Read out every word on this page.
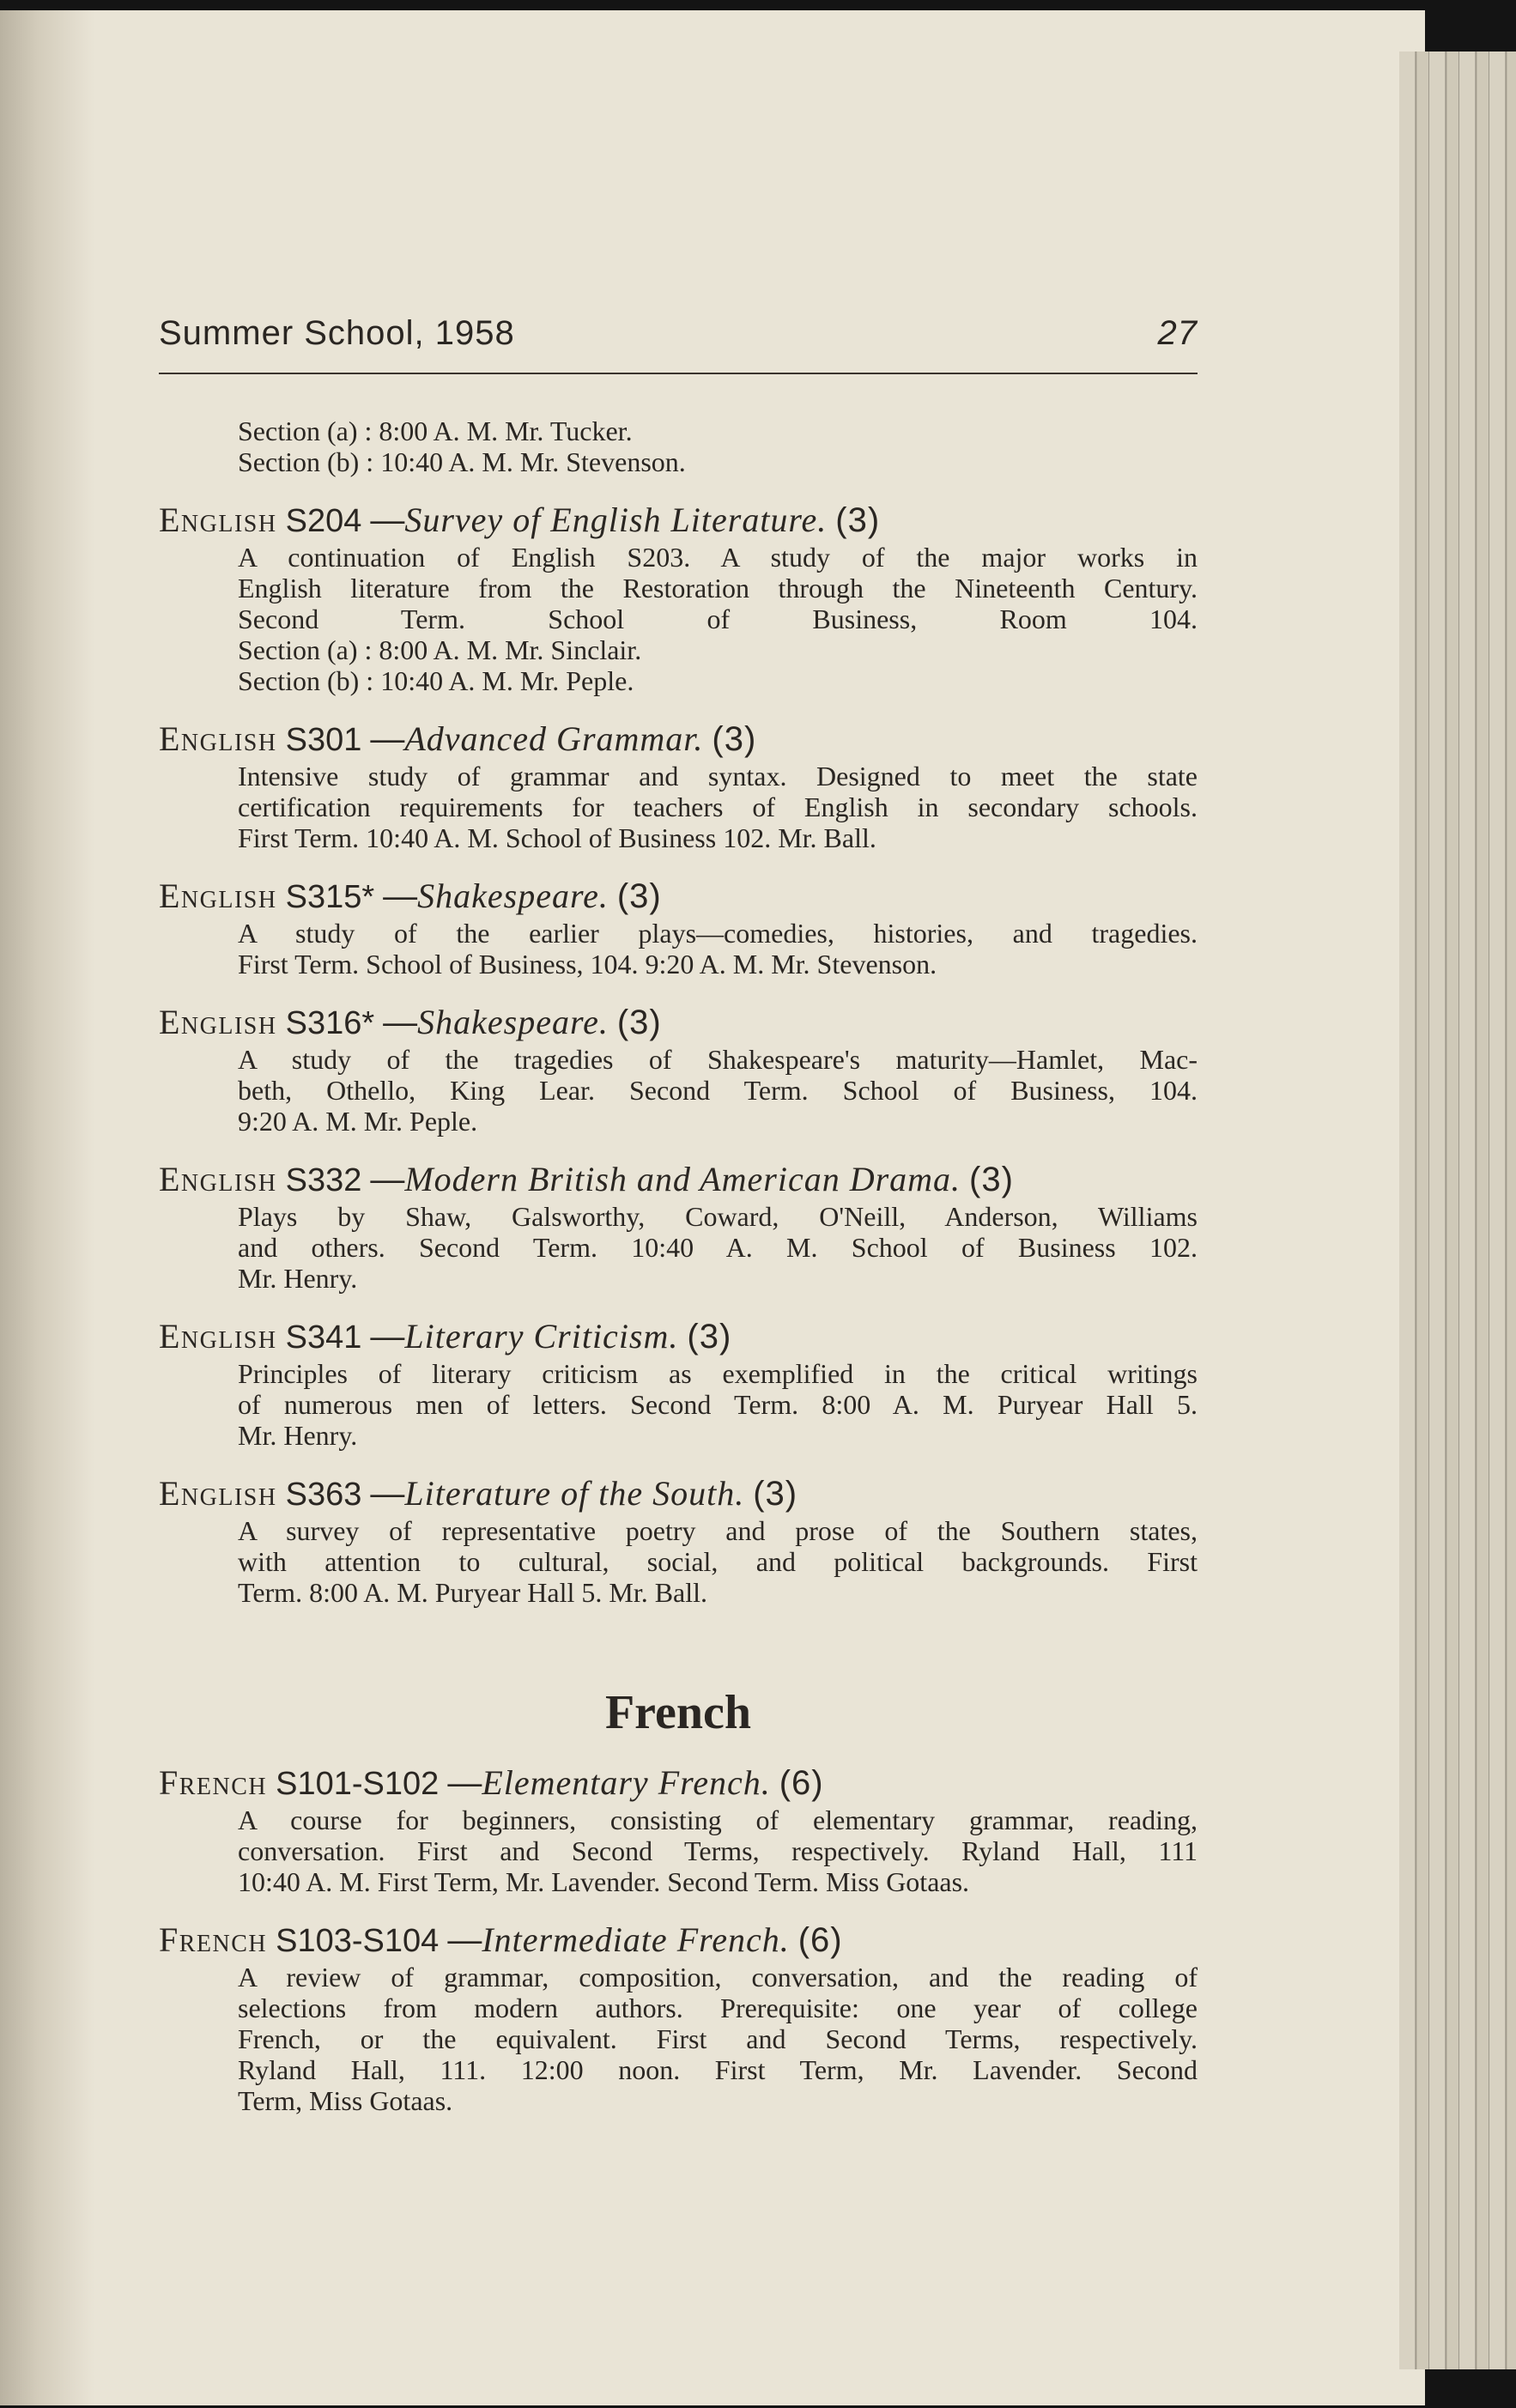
Summer School, 1958	27
Section (a) : 8:00 A. M. Mr. Tucker.
Section (b) : 10:40 A. M. Mr. Stevenson.
English S204 —Survey of English Literature. (3)
A continuation of English S203. A study of the major works in
English literature from the Restoration through the Nineteenth Century.
Second Term. School of Business, Room 104.
Section (a) : 8:00 A. M. Mr. Sinclair.
Section (b) : 10:40 A. M. Mr. Peple.
English S301 —Advanced Grammar. (3)
Intensive study of grammar and syntax. Designed to meet the state
certification requirements for teachers of English in secondary schools.
First Term. 10:40 A. M. School of Business 102. Mr. Ball.
English S315* —Shakespeare. (3)
A study of the earlier plays—comedies, histories, and tragedies.
First Term. School of Business, 104. 9:20 A. M. Mr. Stevenson.
English S316* —Shakespeare. (3)
A study of the tragedies of Shakespeare's maturity—Hamlet, Mac-
beth, Othello, King Lear. Second Term. School of Business, 104.
9:20 A. M. Mr. Peple.
English S332 —Modern British and American Drama. (3)
Plays by Shaw, Galsworthy, Coward, O'Neill, Anderson, Williams
and others. Second Term. 10:40 A. M. School of Business 102.
Mr. Henry.
English S341 —Literary Criticism. (3)
Principles of literary criticism as exemplified in the critical writings
of numerous men of letters. Second Term. 8:00 A. M. Puryear Hall 5.
Mr. Henry.
English S363 —Literature of the South. (3)
A survey of representative poetry and prose of the Southern states,
with attention to cultural, social, and political backgrounds. First
Term. 8:00 A. M. Puryear Hall 5. Mr. Ball.
French
French S101-S102 —Elementary French. (6)
A course for beginners, consisting of elementary grammar, reading,
conversation. First and Second Terms, respectively. Ryland Hall, 111
10:40 A. M. First Term, Mr. Lavender. Second Term. Miss Gotaas.
French S103-S104 —Intermediate French. (6)
A review of grammar, composition, conversation, and the reading of
selections from modern authors. Prerequisite: one year of college
French, or the equivalent. First and Second Terms, respectively.
Ryland Hall, 111. 12:00 noon. First Term, Mr. Lavender. Second
Term, Miss Gotaas.
